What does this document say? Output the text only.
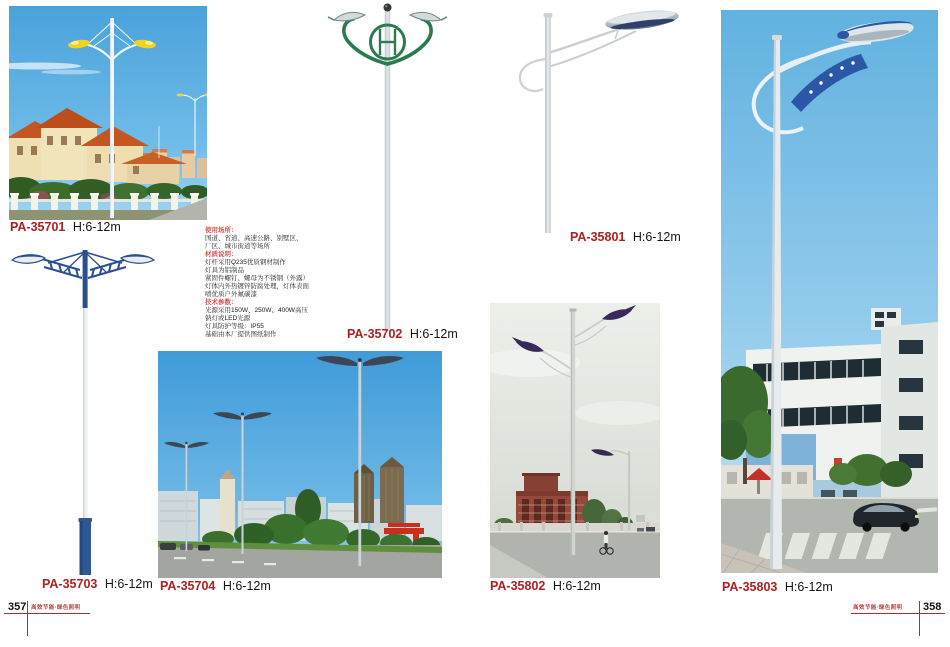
PA-35701 H:6-12m
PA-35702 H:6-12m
使用场所：
国道、省道、高速公路、别墅区、
厂区、城市街道等场所
材质说明：
灯杆采用Q235优质钢材制作
灯具为铝制品
紧固件螺钉、螺母为不锈钢（外露）
灯体内外热镀锌防腐处理，灯体表面
喷优质户外氟碳漆
技术参数：
光源采用150W、250W、400W高压
钠灯或LED光源
灯具防护等级：IP55
基础由本厂提供图纸制作
PA-35801 H:6-12m
PA-35703 H:6-12m PA-35704 H:6-12m	PA-35802 H:6-12m	PA-35803 H:6-12m
357 高效节能·绿色照明	高效节能·绿色照明 358
